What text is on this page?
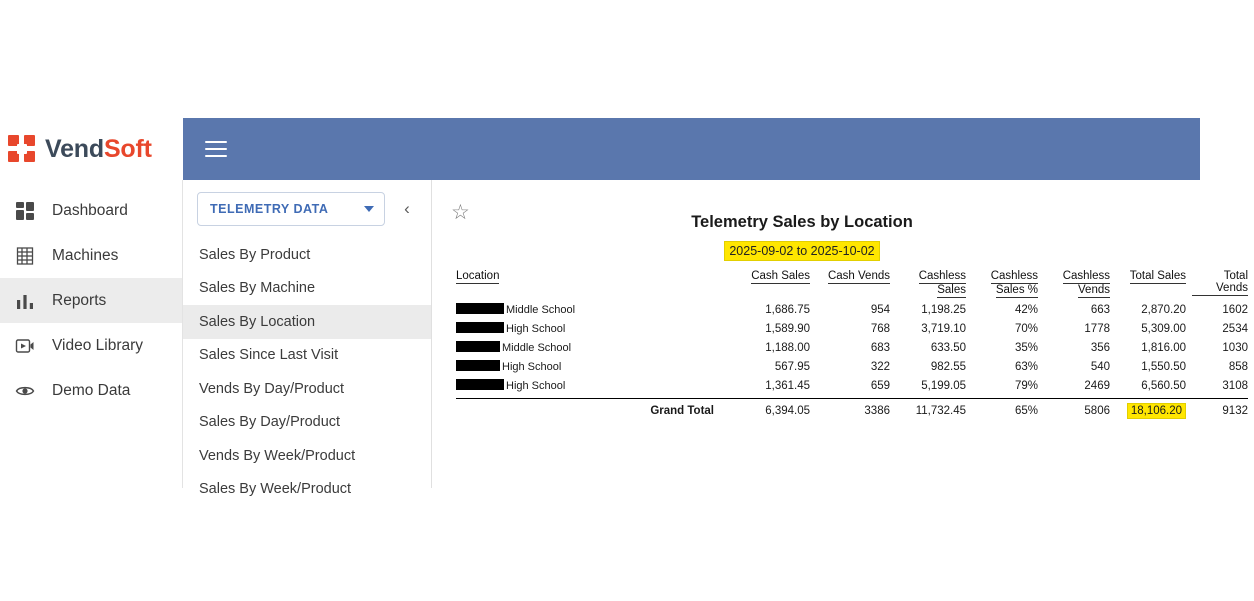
VendSoft
Dashboard
Machines
Reports
Video Library
Demo Data
TELEMETRY DATA	‹
Sales By Product
Sales By Machine
Sales By Location
Sales Since Last Visit
Vends By Day/Product
Sales By Day/Product
Vends By Week/Product
Sales By Week/Product
☆	Telemetry Sales by Location
2025-09-02 to 2025-10-02
Location	Cash Sales	Cash Vends	Cashless Sales	Cashless Sales %	Cashless Vends	Total Sales	Total Vends
Middle School	1,686.75	954	1,198.25	42%	663	2,870.20	1602
High School	1,589.90	768	3,719.10	70%	1778	5,309.00	2534
Middle School	1,188.00	683	633.50	35%	356	1,816.00	1030
High School	567.95	322	982.55	63%	540	1,550.50	858
High School	1,361.45	659	5,199.05	79%	2469	6,560.50	3108

Grand Total	6,394.05	3386	11,732.45	65%	5806	18,106.20	9132
